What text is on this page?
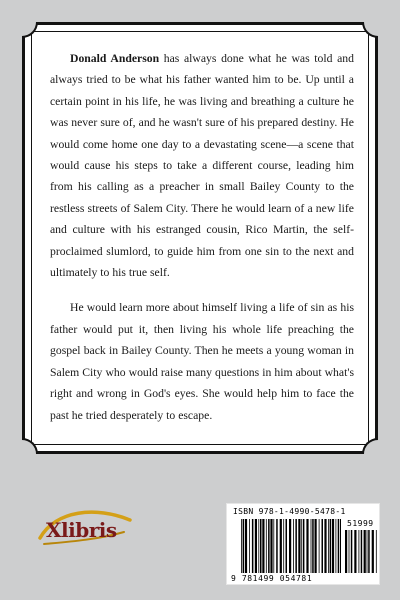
Donald Anderson has always done what he was told and always tried to be what his father wanted him to be. Up until a certain point in his life, he was living and breathing a culture he was never sure of, and he wasn't sure of his prepared destiny. He would come home one day to a devastating scene—a scene that would cause his steps to take a different course, leading him from his calling as a preacher in small Bailey County to the restless streets of Salem City. There he would learn of a new life and culture with his estranged cousin, Rico Martin, the self-proclaimed slumlord, to guide him from one sin to the next and ultimately to his true self.

He would learn more about himself living a life of sin as his father would put it, then living his whole life preaching the gospel back in Bailey County. Then he meets a young woman in Salem City who would raise many questions in him about what's right and wrong in God's eyes. She would help him to face the past he tried desperately to escape.

Xlibris
ISBN 978-1-4990-5478-1
51999
9 781499 054781
